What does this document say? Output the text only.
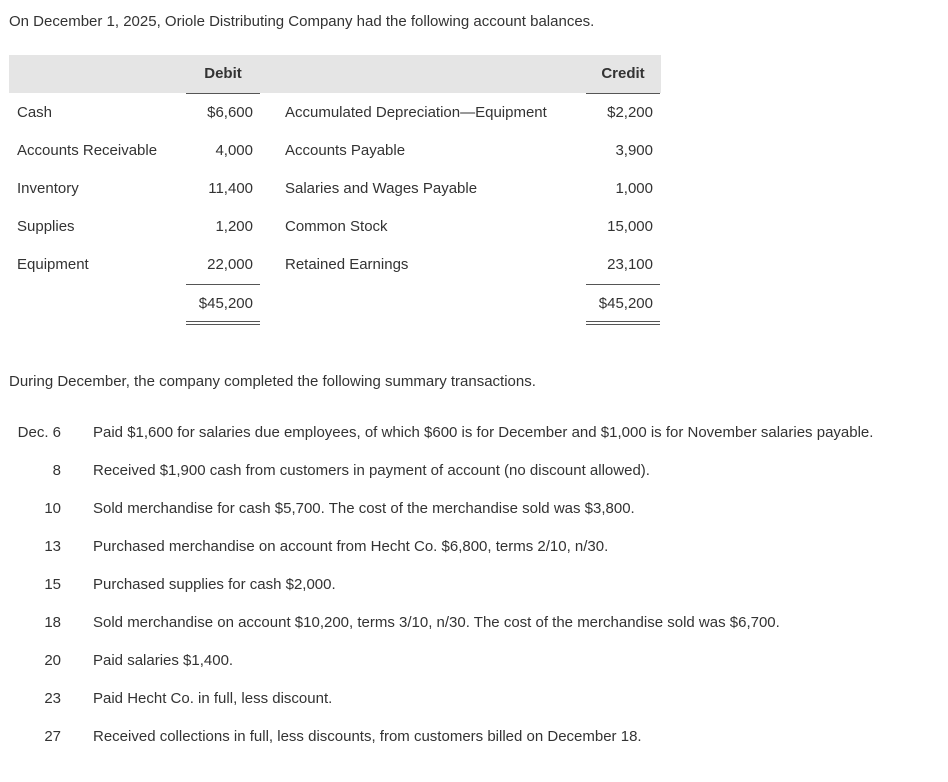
On December 1, 2025, Oriole Distributing Company had the following account balances.
Debit	Credit
Cash	$6,600 Accumulated Depreciation—Equipment	$2,200
Accounts Receivable	4,000 Accounts Payable	3,900
Inventory	11,400 Salaries and Wages Payable	1,000
Supplies	1,200 Common Stock	15,000
Equipment	22,000 Retained Earnings	23,100
$45,200	$45,200
During December, the company completed the following summary transactions.
Dec. 6 Paid $1,600 for salaries due employees, of which $600 is for December and $1,000 is for November salaries payable.
8 Received $1,900 cash from customers in payment of account (no discount allowed).
10 Sold merchandise for cash $5,700. The cost of the merchandise sold was $3,800.
13 Purchased merchandise on account from Hecht Co. $6,800, terms 2/10, n/30.
15 Purchased supplies for cash $2,000.
18 Sold merchandise on account $10,200, terms 3/10, n/30. The cost of the merchandise sold was $6,700.
20 Paid salaries $1,400.
23 Paid Hecht Co. in full, less discount.
27 Received collections in full, less discounts, from customers billed on December 18.
